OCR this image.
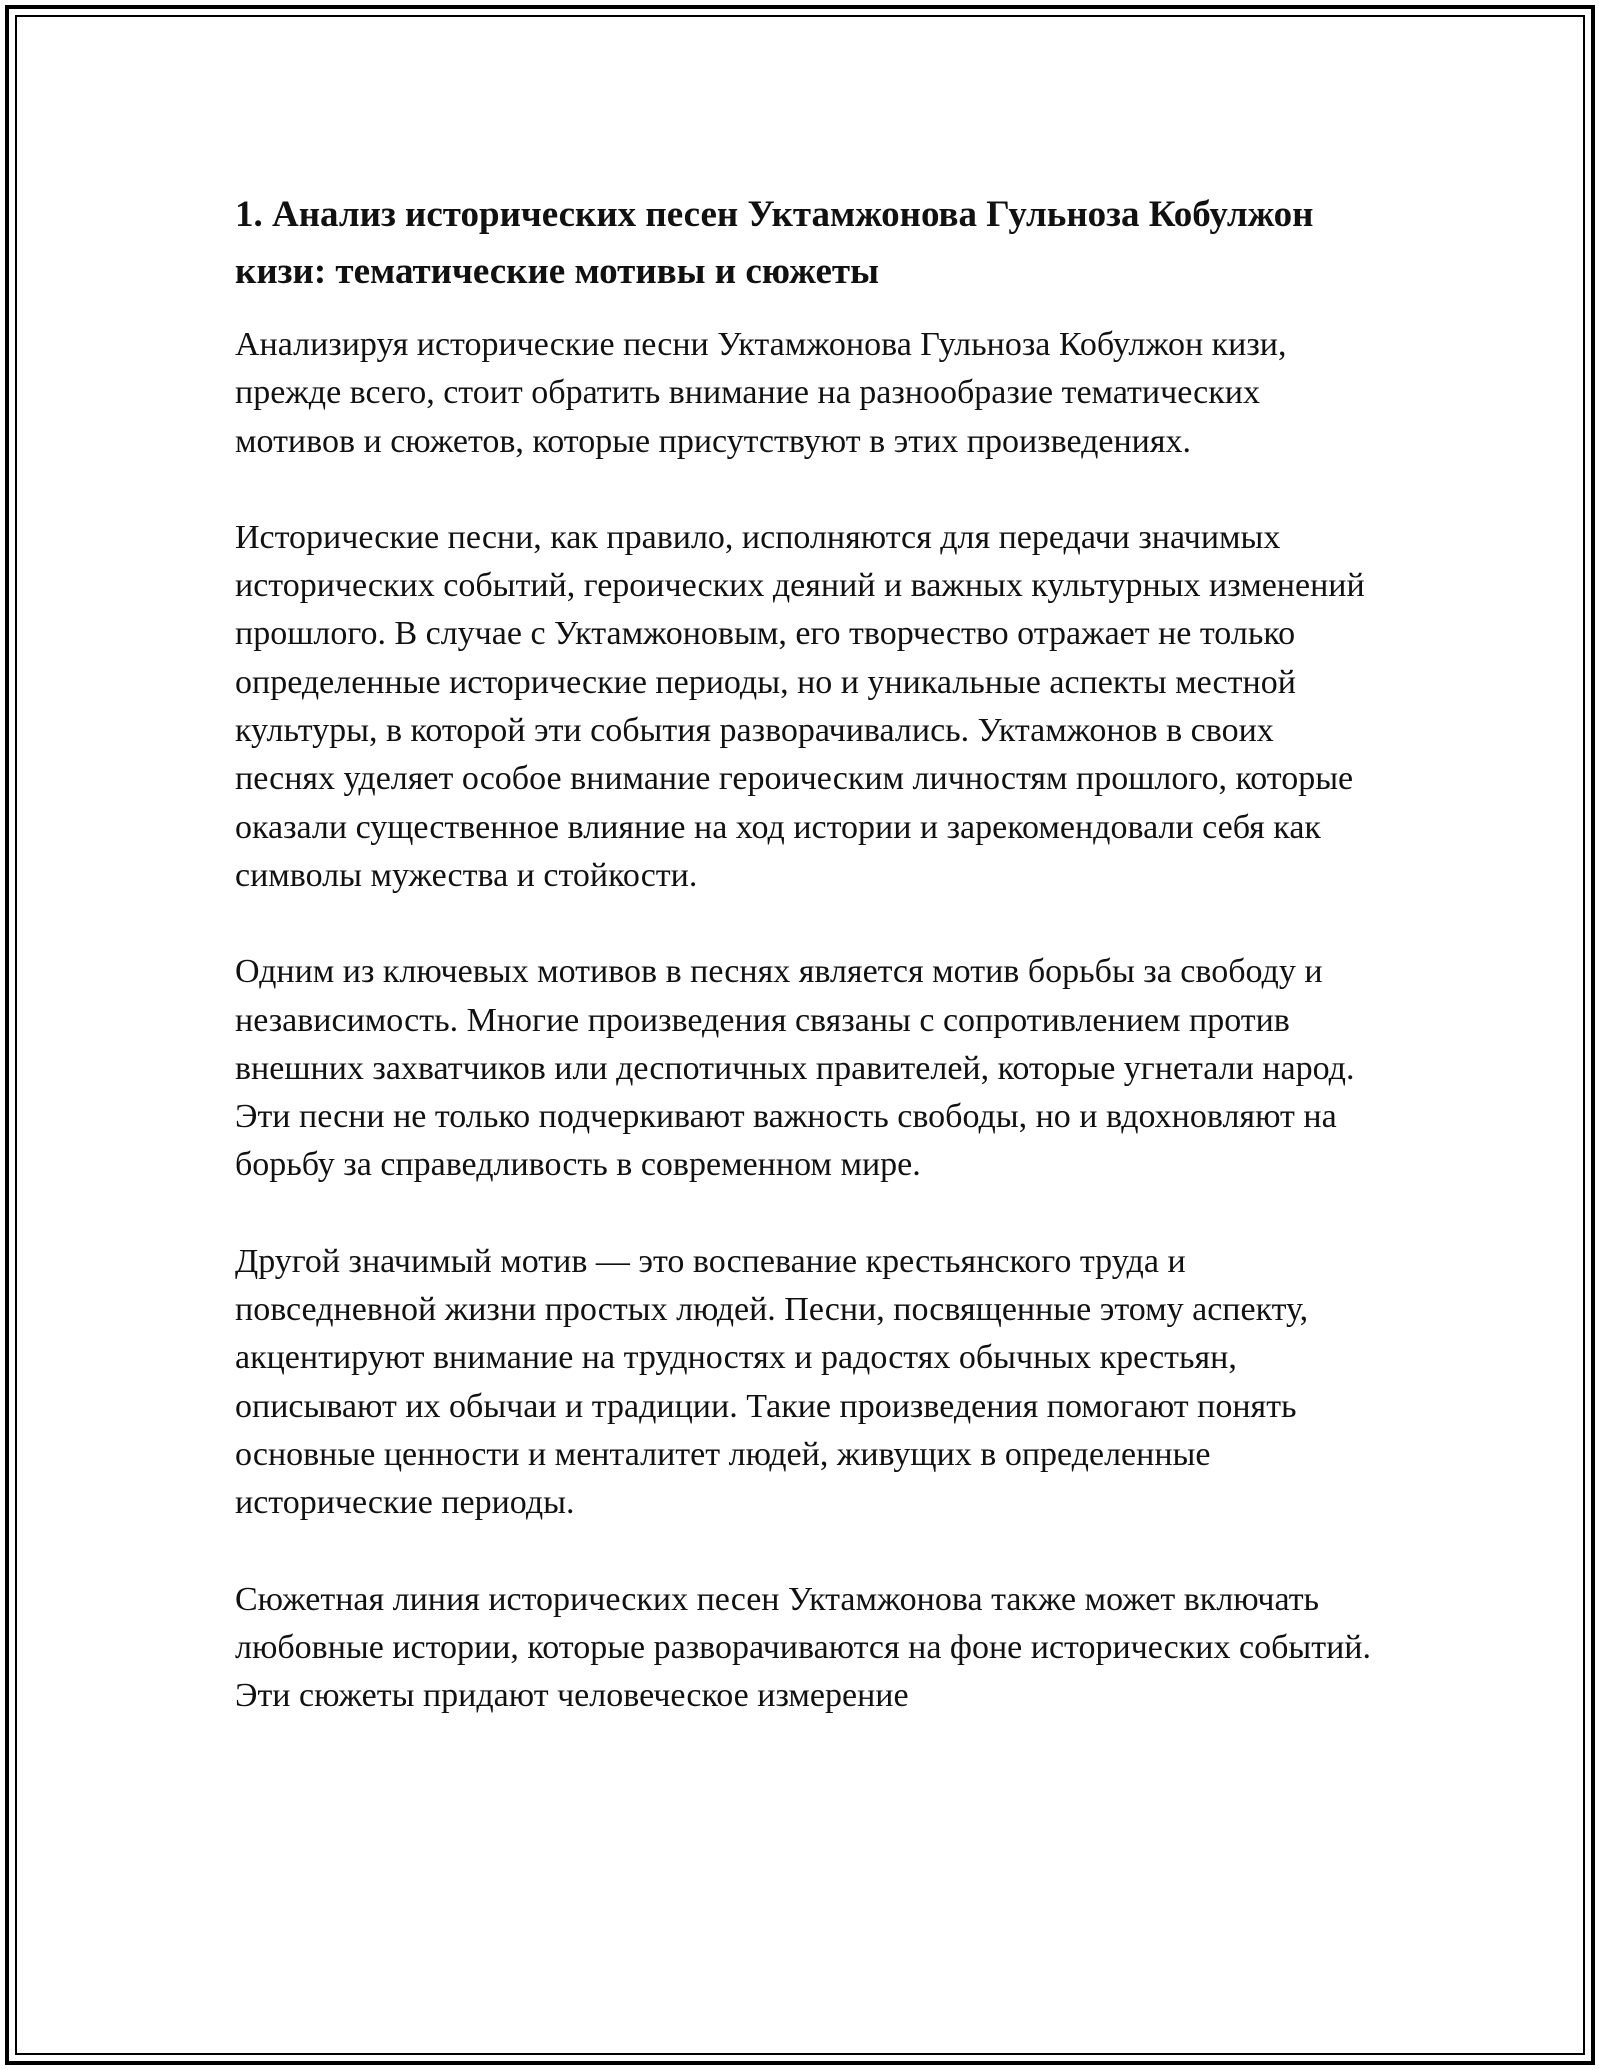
1. Анализ исторических песен Уктамжонова Гульноза Кобулжон кизи: тематические мотивы и сюжеты

Анализируя исторические песни Уктамжонова Гульноза Кобулжон кизи, прежде всего, стоит обратить внимание на разнообразие тематических мотивов и сюжетов, которые присутствуют в этих произведениях.

Исторические песни, как правило, исполняются для передачи значимых исторических событий, героических деяний и важных культурных изменений прошлого. В случае с Уктамжоновым, его творчество отражает не только определенные исторические периоды, но и уникальные аспекты местной культуры, в которой эти события разворачивались. Уктамжонов в своих песнях уделяет особое внимание героическим личностям прошлого, которые оказали существенное влияние на ход истории и зарекомендовали себя как символы мужества и стойкости.

Одним из ключевых мотивов в песнях является мотив борьбы за свободу и независимость. Многие произведения связаны с сопротивлением против внешних захватчиков или деспотичных правителей, которые угнетали народ. Эти песни не только подчеркивают важность свободы, но и вдохновляют на борьбу за справедливость в современном мире.

Другой значимый мотив — это воспевание крестьянского труда и повседневной жизни простых людей. Песни, посвященные этому аспекту, акцентируют внимание на трудностях и радостях обычных крестьян, описывают их обычаи и традиции. Такие произведения помогают понять основные ценности и менталитет людей, живущих в определенные исторические периоды.

Сюжетная линия исторических песен Уктамжонова также может включать любовные истории, которые разворачиваются на фоне исторических событий. Эти сюжеты придают человеческое измерение
